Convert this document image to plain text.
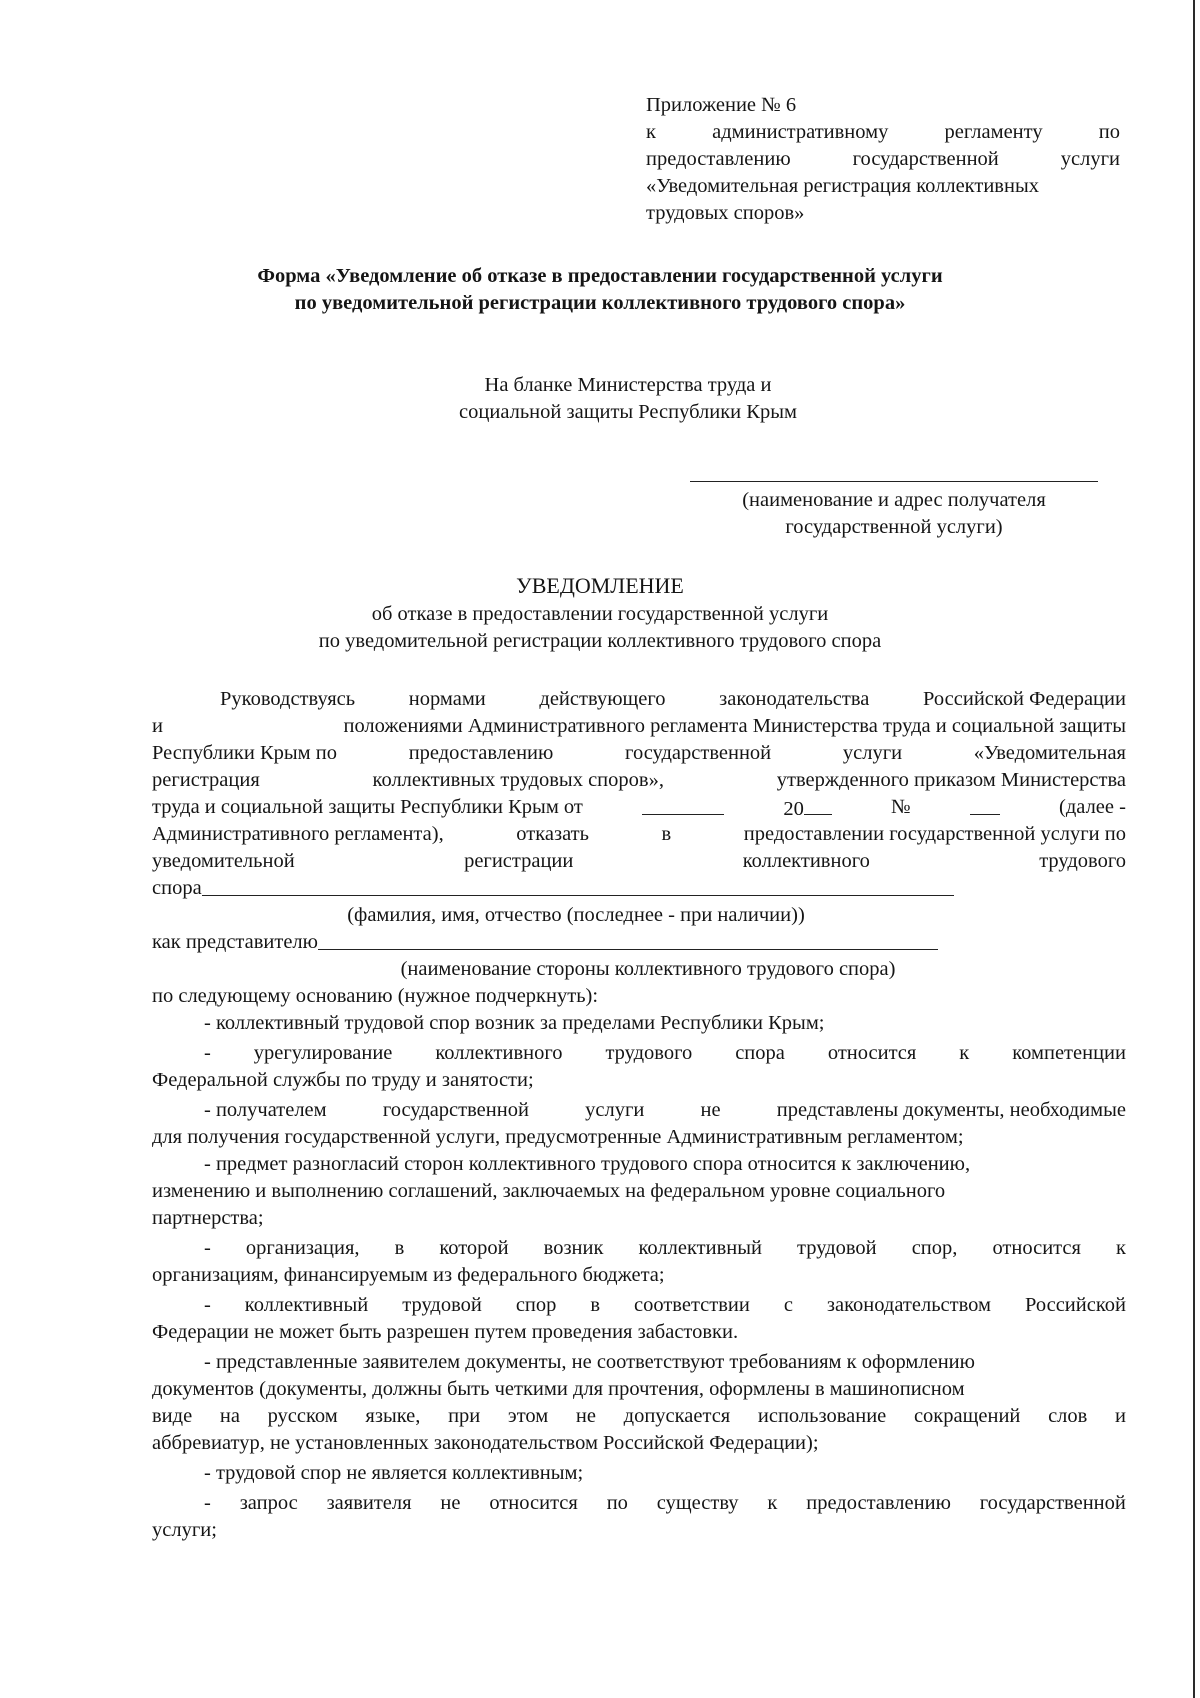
Приложение № 6
к	административному	регламенту	по
предоставлению	государственной	услуги
«Уведомительная регистрация коллективных
трудовых споров»
Форма «Уведомление об отказе в предоставлении государственной услуги
по уведомительной регистрации коллективного трудового спора»
На бланке Министерства труда и
социальной защиты Республики Крым
(наименование и адрес получателя
государственной услуги)
УВЕДОМЛЕНИЕ
об отказе в предоставлении государственной услуги
по уведомительной регистрации коллективного трудового спора
Руководствуясь	нормами	действующего	законодательства	Российской Федерации
и	положениями Административного регламента Министерства труда и социальной защиты
Республики Крым по	предоставлению	государственной	услуги	«Уведомительная
регистрация	коллективных трудовых споров»,	утвержденного приказом Министерства
труда и социальной защиты Республики Крым от	20	№	(далее -
Административного регламента),	отказать	в	предоставлении государственной услуги по
уведомительной	регистрации	коллективного	трудового
спора
(фамилия, имя, отчество (последнее - при наличии))
как представителю
(наименование стороны коллективного трудового спора)
по следующему основанию (нужное подчеркнуть):
- коллективный трудовой спор возник за пределами Республики Крым;
- урегулирование коллективного трудового спора относится к компетенции
Федеральной службы по труду и занятости;
- получателем	государственной	услуги	не	представлены документы, необходимые
для получения государственной услуги, предусмотренные Административным регламентом;
- предмет разногласий сторон коллективного трудового спора относится к заключению,
изменению и выполнению соглашений, заключаемых на федеральном уровне социального
партнерства;
- организация, в которой возник коллективный трудовой спор, относится к
организациям, финансируемым из федерального бюджета;
- коллективный трудовой спор в соответствии с законодательством Российской
Федерации не может быть разрешен путем проведения забастовки.
- представленные заявителем документы, не соответствуют требованиям к оформлению
документов (документы, должны быть четкими для прочтения, оформлены в машинописном
виде на русском языке, при этом не допускается использование сокращений слов и
аббревиатур, не установленных законодательством Российской Федерации);
- трудовой спор не является коллективным;
- запрос заявителя не относится по существу к предоставлению государственной
услуги;
